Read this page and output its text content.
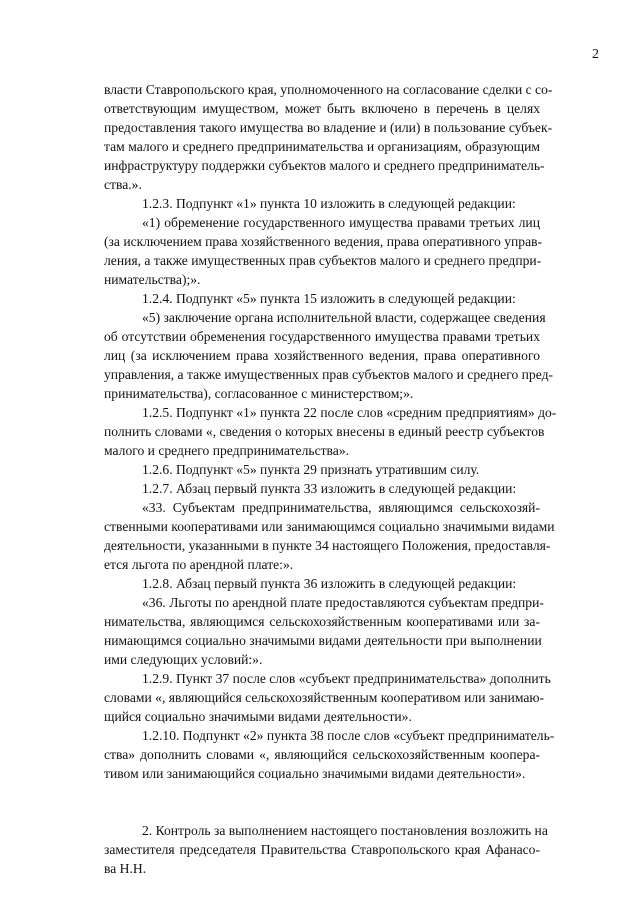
2
власти Ставропольского края, уполномоченного на согласование сделки с со-
ответствующим имуществом, может быть включено в перечень в целях
предоставления такого имущества во владение и (или) в пользование субъек-
там малого и среднего предпринимательства и организациям, образующим
инфраструктуру поддержки субъектов малого и среднего предприниматель-
ства.».
1.2.3. Подпункт «1» пункта 10 изложить в следующей редакции:
«1) обременение государственного имущества правами третьих лиц
(за исключением права хозяйственного ведения, права оперативного управ-
ления, а также имущественных прав субъектов малого и среднего предпри-
нимательства);».
1.2.4. Подпункт «5» пункта 15 изложить в следующей редакции:
«5) заключение органа исполнительной власти, содержащее сведения
об отсутствии обременения государственного имущества правами третьих
лиц (за исключением права хозяйственного ведения, права оперативного
управления, а также имущественных прав субъектов малого и среднего пред-
принимательства), согласованное с министерством;».
1.2.5. Подпункт «1» пункта 22 после слов «средним предприятиям» до-
полнить словами «, сведения о которых внесены в единый реестр субъектов
малого и среднего предпринимательства».
1.2.6. Подпункт «5» пункта 29 признать утратившим силу.
1.2.7. Абзац первый пункта 33 изложить в следующей редакции:
«33. Субъектам предпринимательства, являющимся сельскохозяй-
ственными кооперативами или занимающимся социально значимыми видами
деятельности, указанными в пункте 34 настоящего Положения, предоставля-
ется льгота по арендной плате:».
1.2.8. Абзац первый пункта 36 изложить в следующей редакции:
«36. Льготы по арендной плате предоставляются субъектам предпри-
нимательства, являющимся сельскохозяйственным кооперативами или за-
нимающимся социально значимыми видами деятельности при выполнении
ими следующих условий:».
1.2.9. Пункт 37 после слов «субъект предпринимательства» дополнить
словами «, являющийся сельскохозяйственным кооперативом или занимаю-
щийся социально значимыми видами деятельности».
1.2.10. Подпункт «2» пункта 38 после слов «субъект предприниматель-
ства» дополнить словами «, являющийся сельскохозяйственным коопера-
тивом или занимающийся социально значимыми видами деятельности».
2. Контроль за выполнением настоящего постановления возложить на
заместителя председателя Правительства Ставропольского края Афанасо-
ва Н.Н.
